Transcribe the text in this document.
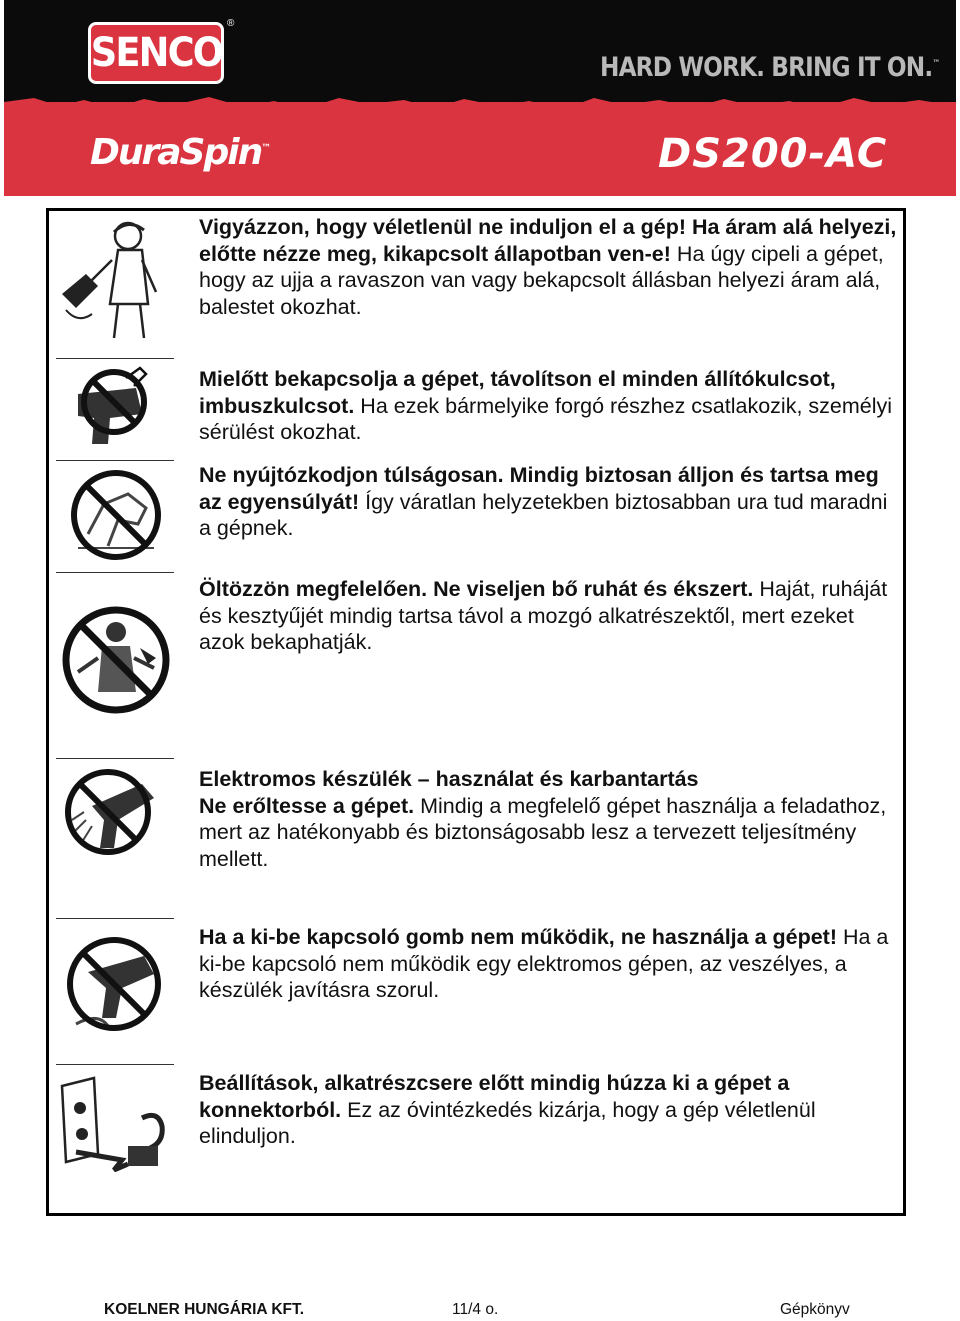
SENCO
®
HARD WORK. BRING IT ON.™
DuraSpin™	DS200-AC

Vigyázzon, hogy véletlenül ne induljon el a gép! Ha áram alá helyezi, előtte nézze meg, kikapcsolt állapotban ven-e! Ha úgy cipeli a gépet, hogy az ujja a ravaszon van vagy bekapcsolt állásban helyezi áram alá, balestet okozhat.

Mielőtt bekapcsolja a gépet, távolítson el minden állítókulcsot, imbuszkulcsot. Ha ezek bármelyike forgó részhez csatlakozik, személyi sérülést okozhat.

Ne nyújtózkodjon túlságosan. Mindig biztosan álljon és tartsa meg az egyensúlyát! Így váratlan helyzetekben biztosabban ura tud maradni a gépnek.

Öltözzön megfelelően. Ne viseljen bő ruhát és ékszert. Haját, ruháját és kesztyűjét mindig tartsa távol a mozgó alkatrészektől, mert ezeket azok bekaphatják.

Elektromos készülék – használat és karbantartás

Ne erőltesse a gépet. Mindig a megfelelő gépet használja a feladathoz, mert az hatékonyabb és biztonságosabb lesz a tervezett teljesítmény mellett.

Ha a ki-be kapcsoló gomb nem működik, ne használja a gépet! Ha a ki-be kapcsoló nem működik egy elektromos gépen, az veszélyes, a készülék javításra szorul.

Beállítások, alkatrészcsere előtt mindig húzza ki a gépet a konnektorból. Ez az óvintézkedés kizárja, hogy a gép véletlenül elinduljon.

KOELNER HUNGÁRIA KFT.	11/4 o.	Gépkönyv
